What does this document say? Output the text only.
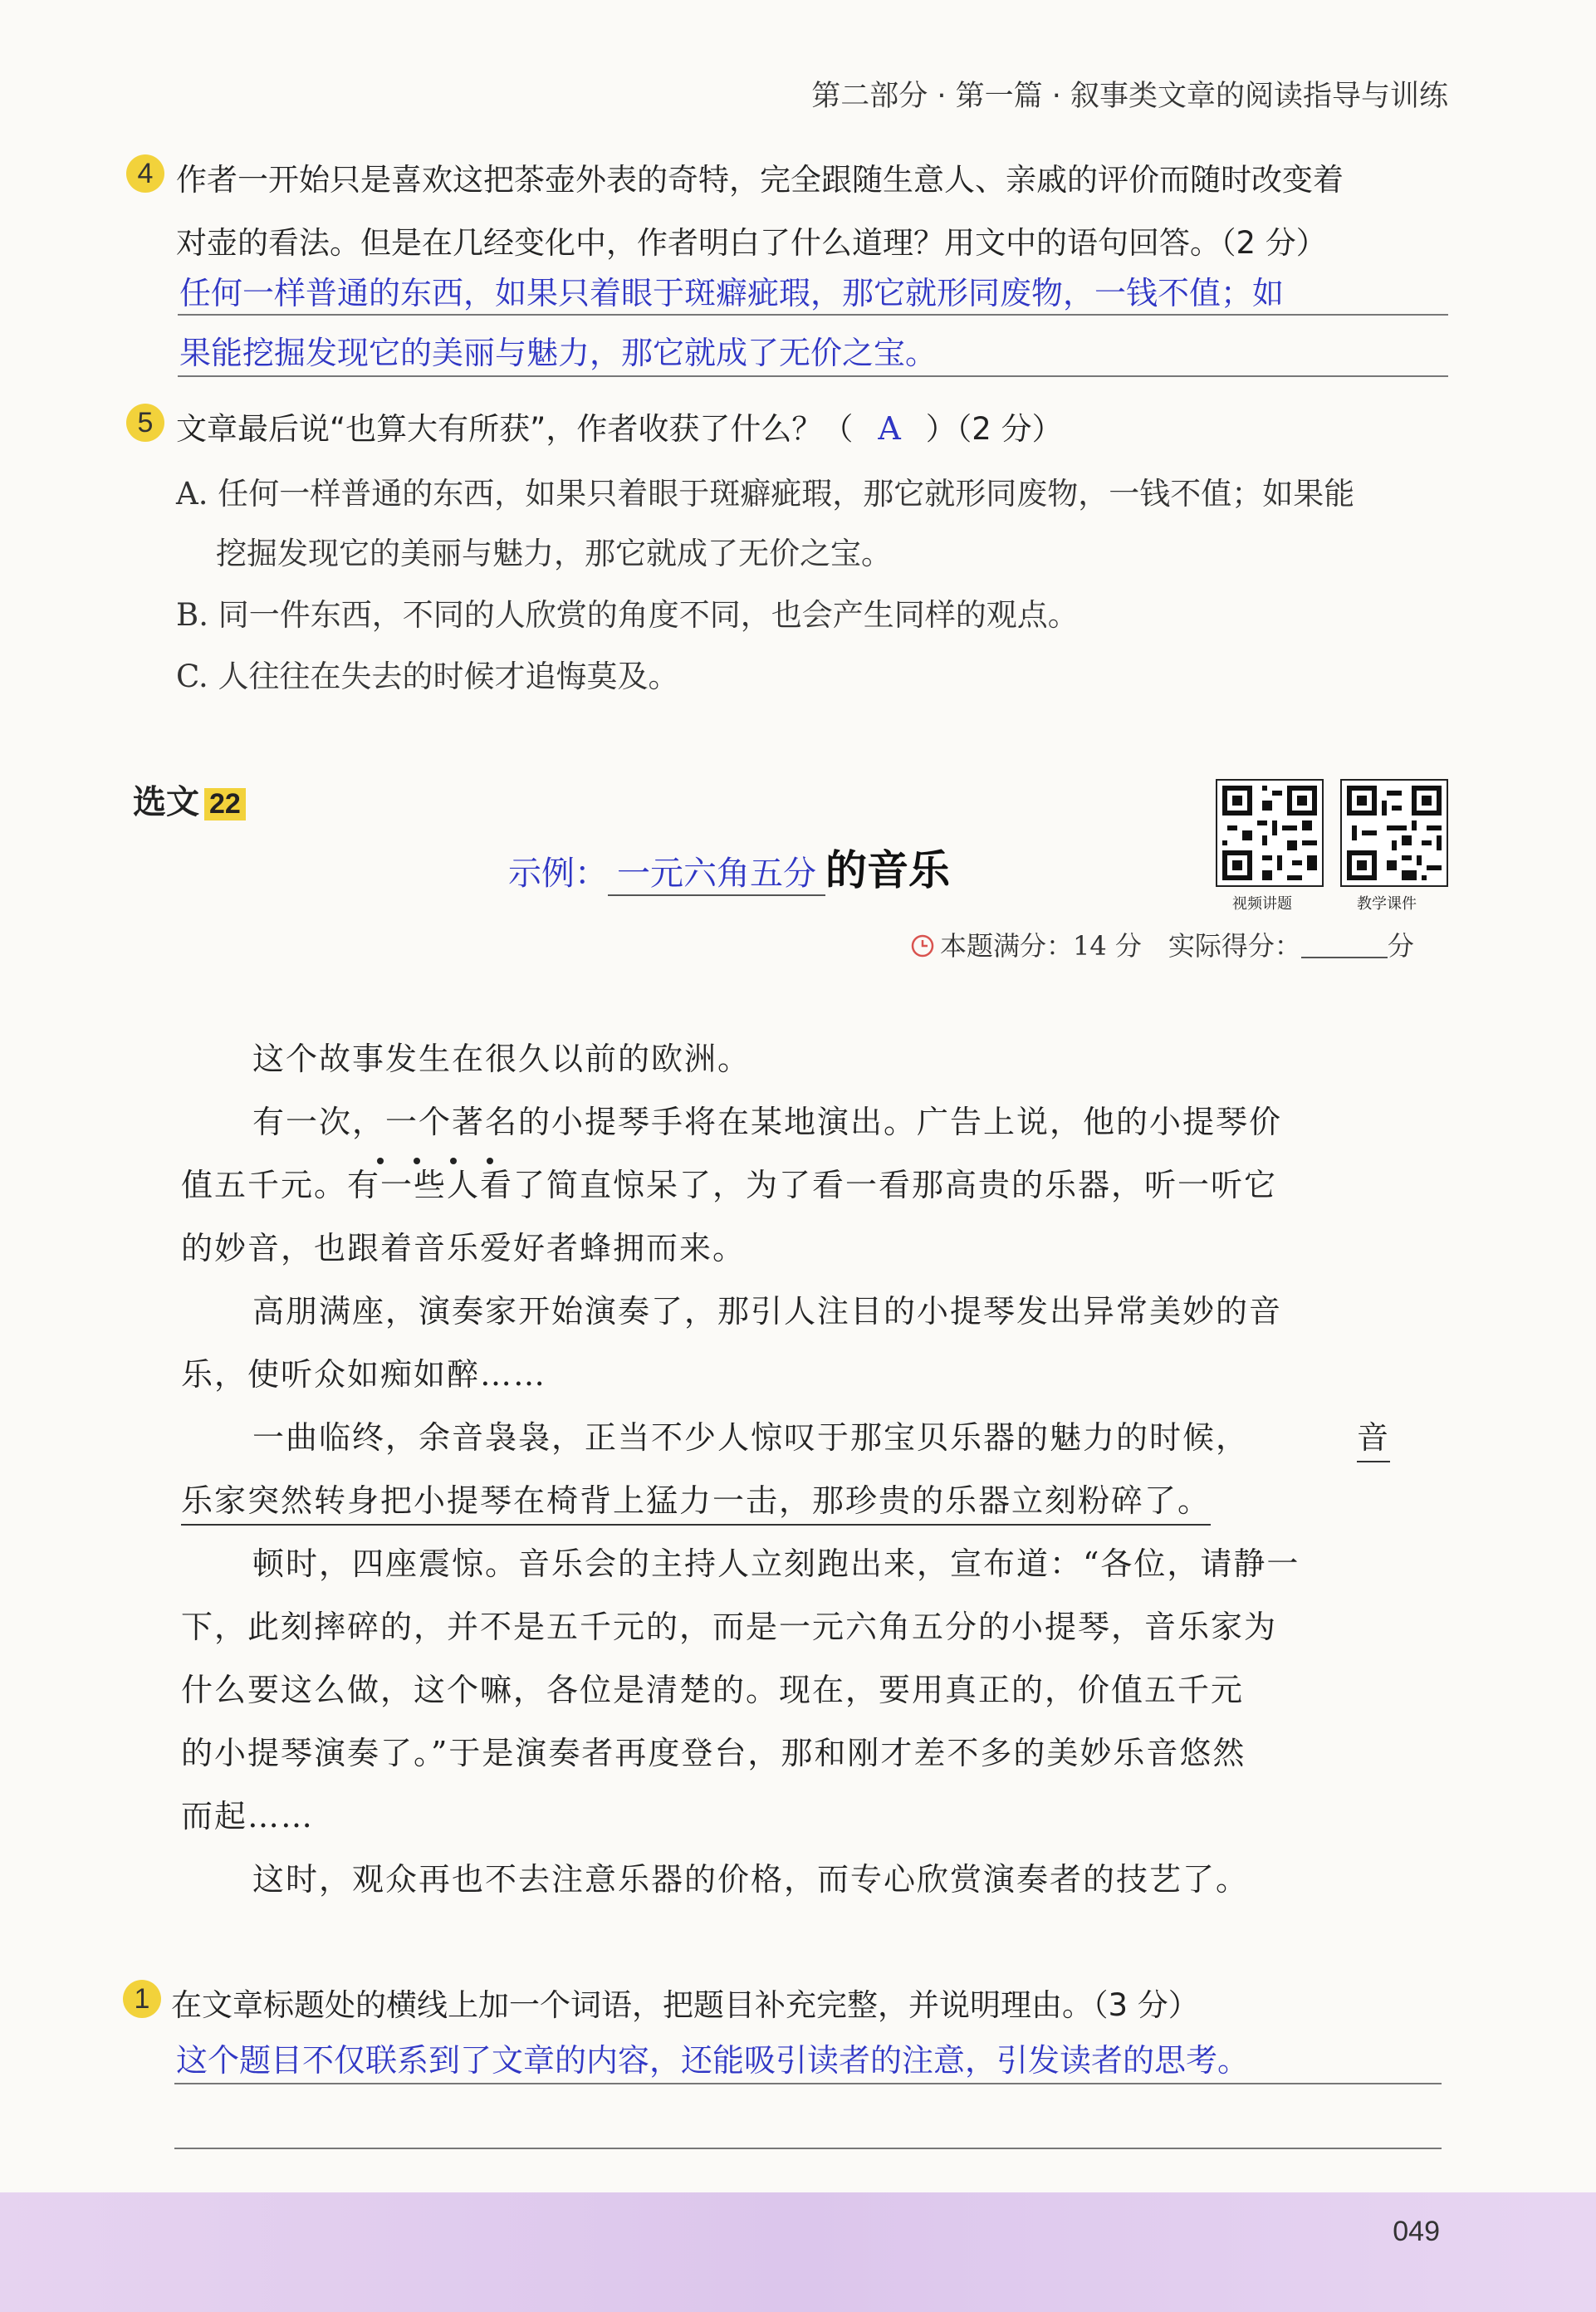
第二部分 · 第一篇 · 叙事类文章的阅读指导与训练
4 作者一开始只是喜欢这把茶壶外表的奇特，完全跟随生意人、亲戚的评价而随时改变着
对壶的看法。但是在几经变化中，作者明白了什么道理？用文中的语句回答。（2 分）
任何一样普通的东西，如果只着眼于斑癖疵瑕，那它就形同废物，一钱不值；如
果能挖掘发现它的美丽与魅力，那它就成了无价之宝。
5 文章最后说“也算大有所获”，作者收获了什么？（ A ）（2 分）
A. 任何一样普通的东西，如果只着眼于斑癖疵瑕，那它就形同废物，一钱不值；如果能
挖掘发现它的美丽与魅力，那它就成了无价之宝。
B. 同一件东西，不同的人欣赏的角度不同，也会产生同样的观点。
C. 人往往在失去的时候才追悔莫及。
选文 22
示例： 一元六角五分 的音乐
视频讲题	教学课件
本题满分：14 分　实际得分：	分
这个故事发生在很久以前的欧洲。
有一次，一个著名的小提琴手将在某地演出。广告上说，他的小提琴价
值五千元。有一些人看了简直惊呆了，为了看一看那高贵的乐器，听一听它
的妙音，也跟着音乐爱好者蜂拥而来。
高朋满座，演奏家开始演奏了，那引人注目的小提琴发出异常美妙的音
乐，使听众如痴如醉……
一曲临终，余音袅袅，正当不少人惊叹于那宝贝乐器的魅力的时候，	音
乐家突然转身把小提琴在椅背上猛力一击，那珍贵的乐器立刻粉碎了。
顿时，四座震惊。音乐会的主持人立刻跑出来，宣布道：“各位，请静一
下，此刻摔碎的，并不是五千元的，而是一元六角五分的小提琴，音乐家为
什么要这么做，这个嘛，各位是清楚的。现在，要用真正的，价值五千元
的小提琴演奏了。”于是演奏者再度登台，那和刚才差不多的美妙乐音悠然
而起……
这时，观众再也不去注意乐器的价格，而专心欣赏演奏者的技艺了。
1 在文章标题处的横线上加一个词语，把题目补充完整，并说明理由。（3 分）
这个题目不仅联系到了文章的内容，还能吸引读者的注意，引发读者的思考。
049
